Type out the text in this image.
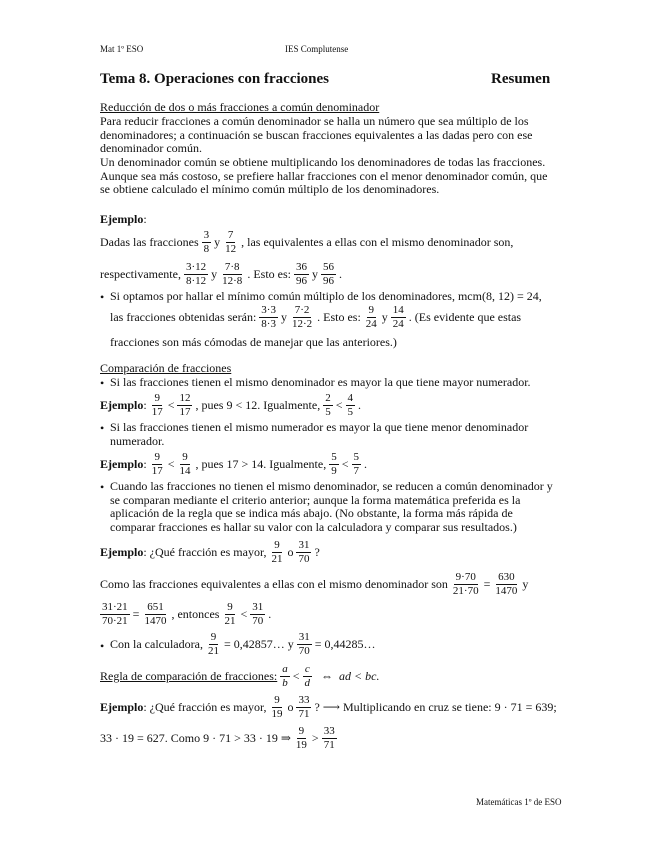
Mat 1º ESO	IES Complutense
Tema 8. Operaciones con fracciones	Resumen
Reducción de dos o más fracciones a común denominador
Para reducir fracciones a común denominador se halla un número que sea múltiplo de los denominadores; a continuación se buscan fracciones equivalentes a las dadas pero con ese denominador común.
Un denominador común se obtiene multiplicando los denominadores de todas las fracciones. Aunque sea más costoso, se prefiere hallar fracciones con el menor denominador común, que se obtiene calculado el mínimo común múltiplo de los denominadores.
Ejemplo:
Dadas las fracciones $\frac{3}{8}$ y $\frac{7}{12}$ , las equivalentes a ellas con el mismo denominador son,
respectivamente, $\frac{3\cdot 12}{8\cdot 12}$ y $\frac{7\cdot 8}{12\cdot 8}$ . Esto es: $\frac{36}{96}$ y $\frac{56}{96}$ .
• Si optamos por hallar el mínimo común múltiplo de los denominadores, mcm(8, 12) = 24,
las fracciones obtenidas serán: $\frac{3\cdot 3}{8\cdot 3}$ y $\frac{7\cdot 2}{12\cdot 2}$ . Esto es: $\frac{9}{24}$ y $\frac{14}{24}$ . (Es evidente que estas
fracciones son más cómodas de manejar que las anteriores.)
Comparación de fracciones
• Si las fracciones tienen el mismo denominador es mayor la que tiene mayor numerador.
Ejemplo : $\frac{9}{17} < \frac{12}{17}$ , pues 9 < 12. Igualmente, $\frac{2}{5} < \frac{4}{5}$ .
• Si las fracciones tienen el mismo numerador es mayor la que tiene menor denominador numerador.
Ejemplo : $\frac{9}{17} < \frac{9}{14}$ , pues 17 > 14. Igualmente, $\frac{5}{9} < \frac{5}{7}$ .
• Cuando las fracciones no tienen el mismo denominador, se reducen a común denominador y se comparan mediante el criterio anterior; aunque la forma matemática preferida es la aplicación de la regla que se indica más abajo. (No obstante, la forma más rápida de comparar fracciones es hallar su valor con la calculadora y comparar sus resultados.)
Ejemplo : ¿Qué fracción es mayor, $\frac{9}{21}$ o $\frac{31}{70}$ ?
Como las fracciones equivalentes a ellas con el mismo denominador son $\frac{9\cdot 70}{21\cdot 70} = \frac{630}{1470}$ y
$\frac{31\cdot 21}{70\cdot 21} = \frac{651}{1470}$ , entonces $\frac{9}{21} < \frac{31}{70}$ .
• Con la calculadora, $\frac{9}{21}$ = 0,42857… y $\frac{31}{70}$ = 0,44285…
Regla de comparación de fracciones: $\frac{a}{b} < \frac{c}{d}$ ⇔ ad < bc.
Ejemplo : ¿Qué fracción es mayor, $\frac{9}{19}$ o $\frac{33}{71}$ ? ⟶ Multiplicando en cruz se tiene: 9 · 71 = 639;
33 · 19 = 627. Como 9 · 71 > 33 · 19 ⇒ $\frac{9}{19} > \frac{33}{71}$
Matemáticas 1º de ESO
